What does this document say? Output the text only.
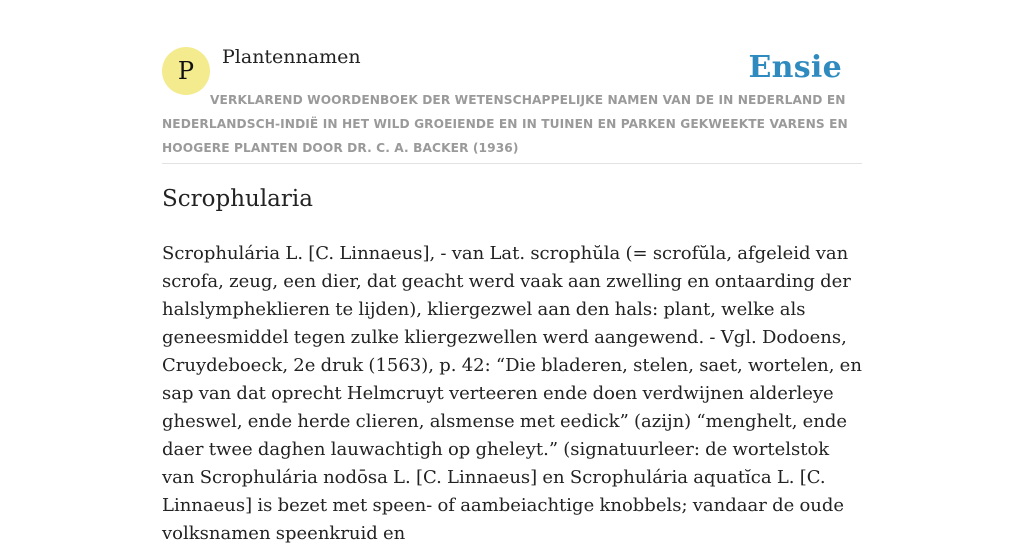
P	Plantennamen	Ensie

VERKLAREND WOORDENBOEK DER WETENSCHAPPELIJKE NAMEN VAN DE IN NEDERLAND EN NEDERLANDSCH-INDIË IN HET WILD GROEIENDE EN IN TUINEN EN PARKEN GEKWEEKTE VARENS EN HOOGERE PLANTEN DOOR DR. C. A. BACKER (1936)

Scrophularia

Scrophulária L. [C. Linnaeus], - van Lat. scrophŭla (= scrofŭla, afgeleid van scrofa, zeug, een dier, dat geacht werd vaak aan zwelling en ontaarding der halslympheklieren te lijden), kliergezwel aan den hals: plant, welke als geneesmiddel tegen zulke kliergezwellen werd aangewend. - Vgl. Dodoens, Cruydeboeck, 2e druk (1563), p. 42: “Die bladeren, stelen, saet, wortelen, en sap van dat oprecht Helmcruyt verteeren ende doen verdwijnen alderleye gheswel, ende herde clieren, alsmense met eedick” (azijn) “menghelt, ende daer twee daghen lauwachtigh op gheleyt.” (signatuurleer: de wortelstok van Scrophulária nodōsa L. [C. Linnaeus] en Scrophulária aquatĭca L. [C. Linnaeus] is bezet met speen- of aambeiachtige knobbels; vandaar de oude volksnamen speenkruid en
